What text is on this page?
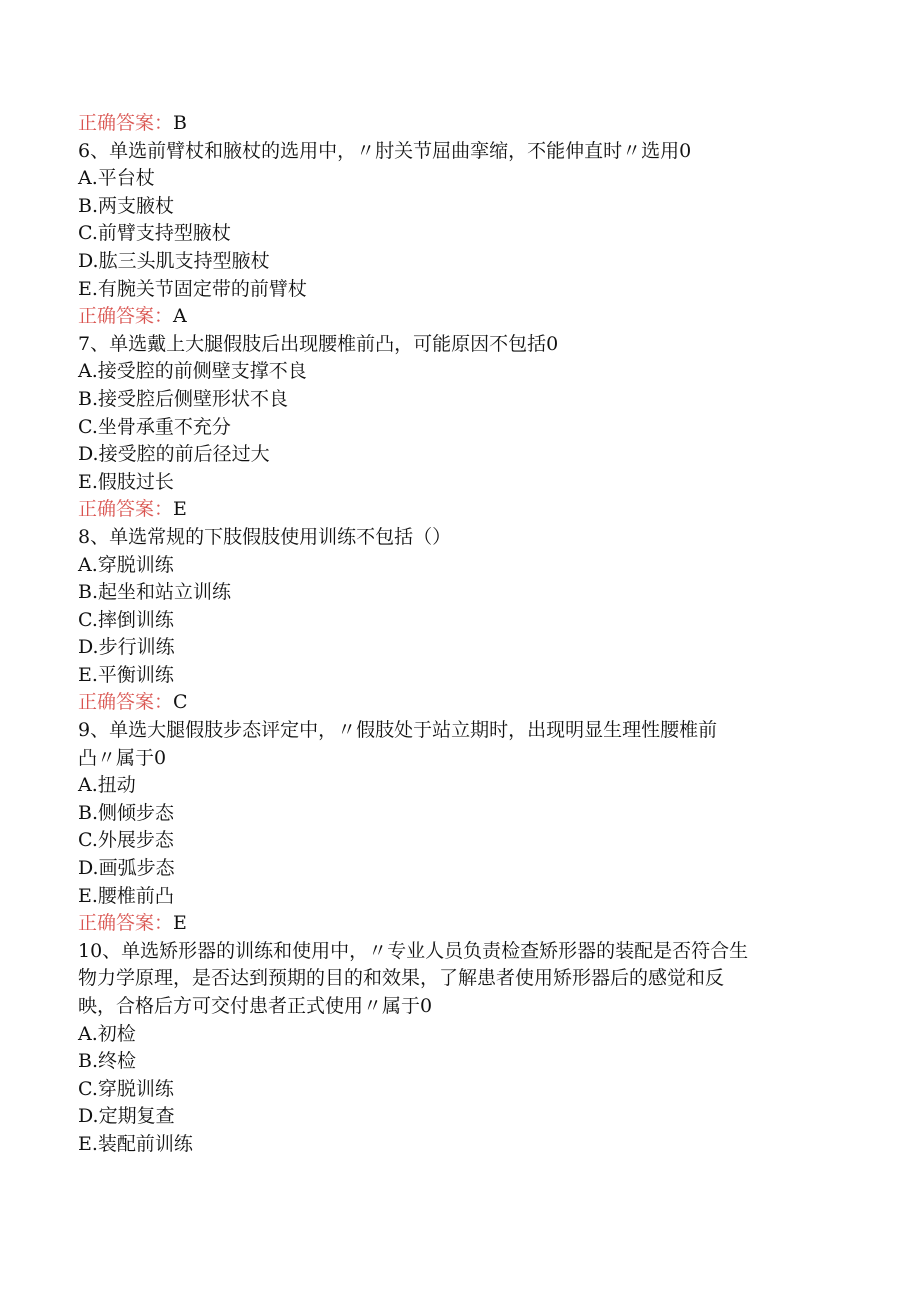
正确答案：B
6、单选前臂杖和腋杖的选用中，〃肘关节屈曲挛缩，不能伸直时〃选用0
A.平台杖
B.两支腋杖
C.前臂支持型腋杖
D.肱三头肌支持型腋杖
E.有腕关节固定带的前臂杖
正确答案：A
7、单选戴上大腿假肢后出现腰椎前凸，可能原因不包括0
A.接受腔的前侧壁支撑不良
B.接受腔后侧壁形状不良
C.坐骨承重不充分
D.接受腔的前后径过大
E.假肢过长
正确答案：E
8、单选常规的下肢假肢使用训练不包括（）
A.穿脱训练
B.起坐和站立训练
C.摔倒训练
D.步行训练
E.平衡训练
正确答案：C
9、单选大腿假肢步态评定中，〃假肢处于站立期时，出现明显生理性腰椎前
凸〃属于0
A.扭动
B.侧倾步态
C.外展步态
D.画弧步态
E.腰椎前凸
正确答案：E
10、单选矫形器的训练和使用中，〃专业人员负责检查矫形器的装配是否符合生
物力学原理，是否达到预期的目的和效果，了解患者使用矫形器后的感觉和反
映，合格后方可交付患者正式使用〃属于0
A.初检
B.终检
C.穿脱训练
D.定期复查
E.装配前训练
